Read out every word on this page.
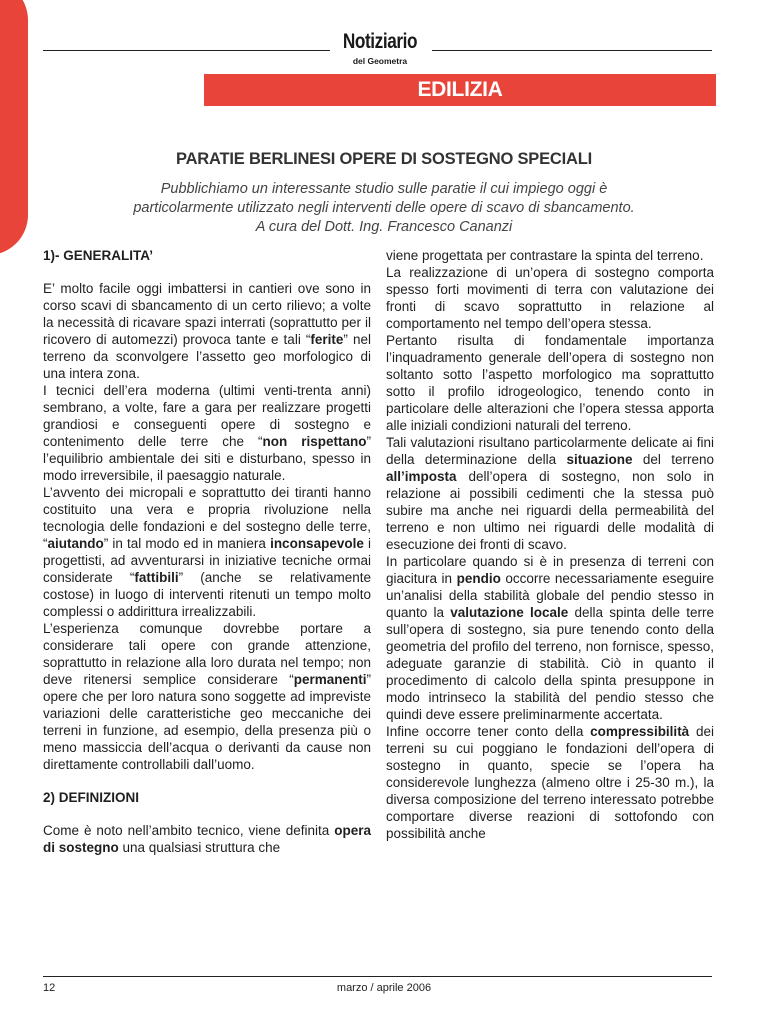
Notiziario
del Geometra
EDILIZIA
PARATIE BERLINESI OPERE DI SOSTEGNO SPECIALI
Pubblichiamo un interessante studio sulle paratie il cui impiego oggi è
particolarmente utilizzato negli interventi delle opere di scavo di sbancamento.
A cura del Dott. Ing. Francesco Cananzi
1)- GENERALITA’

E’ molto facile oggi imbattersi in cantieri ove sono in corso scavi di sbancamento di un certo rilievo; a volte la necessità di ricavare spazi interrati (soprattutto per il ricovero di automezzi) provoca tante e tali “ferite” nel terreno da sconvolgere l’assetto geo morfologico di una intera zona.

I tecnici dell’era moderna (ultimi venti-trenta anni) sembrano, a volte, fare a gara per realizzare progetti grandiosi e conseguenti opere di sostegno e contenimento delle terre che “non rispettano” l’equilibrio ambientale dei siti e disturbano, spesso in modo irreversibile, il paesaggio naturale.

L’avvento dei micropali e soprattutto dei tiranti hanno costituito una vera e propria rivoluzione nella tecnologia delle fondazioni e del sostegno delle terre, “aiutando” in tal modo ed in maniera inconsapevole i progettisti, ad avventurarsi in iniziative tecniche ormai considerate “fattibili” (anche se relativamente costose) in luogo di interventi ritenuti un tempo molto complessi o addirittura irrealizzabili.

L’esperienza comunque dovrebbe portare a considerare tali opere con grande attenzione, soprattutto in relazione alla loro durata nel tempo; non deve ritenersi semplice considerare “permanenti” opere che per loro natura sono soggette ad impreviste variazioni delle caratteristiche geo meccaniche dei terreni in funzione, ad esempio, della presenza più o meno massiccia dell’acqua o derivanti da cause non direttamente controllabili dall’uomo.

2) DEFINIZIONI

Come è noto nell’ambito tecnico, viene definita opera di sostegno una qualsiasi struttura che

viene progettata per contrastare la spinta del terreno.

La realizzazione di un’opera di sostegno comporta spesso forti movimenti di terra con valutazione dei fronti di scavo soprattutto in relazione al comportamento nel tempo dell’opera stessa.

Pertanto risulta di fondamentale importanza l’inquadramento generale dell’opera di sostegno non soltanto sotto l’aspetto morfologico ma soprattutto sotto il profilo idrogeologico, tenendo conto in particolare delle alterazioni che l’opera stessa apporta alle iniziali condizioni naturali del terreno.

Tali valutazioni risultano particolarmente delicate ai fini della determinazione della situazione del terreno all’imposta dell’opera di sostegno, non solo in relazione ai possibili cedimenti che la stessa può subire ma anche nei riguardi della permeabilità del terreno e non ultimo nei riguardi delle modalità di esecuzione dei fronti di scavo.

In particolare quando si è in presenza di terreni con giacitura in pendio occorre necessariamente eseguire un’analisi della stabilità globale del pendio stesso in quanto la valutazione locale della spinta delle terre sull’opera di sostegno, sia pure tenendo conto della geometria del profilo del terreno, non fornisce, spesso, adeguate garanzie di stabilità. Ciò in quanto il procedimento di calcolo della spinta presuppone in modo intrinseco la stabilità del pendio stesso che quindi deve essere preliminarmente accertata.

Infine occorre tener conto della compressibilità dei terreni su cui poggiano le fondazioni dell’opera di sostegno in quanto, specie se l’opera ha considerevole lunghezza (almeno oltre i 25-30 m.), la diversa composizione del terreno interessato potrebbe comportare diverse reazioni di sottofondo con possibilità anche

12	marzo / aprile 2006
